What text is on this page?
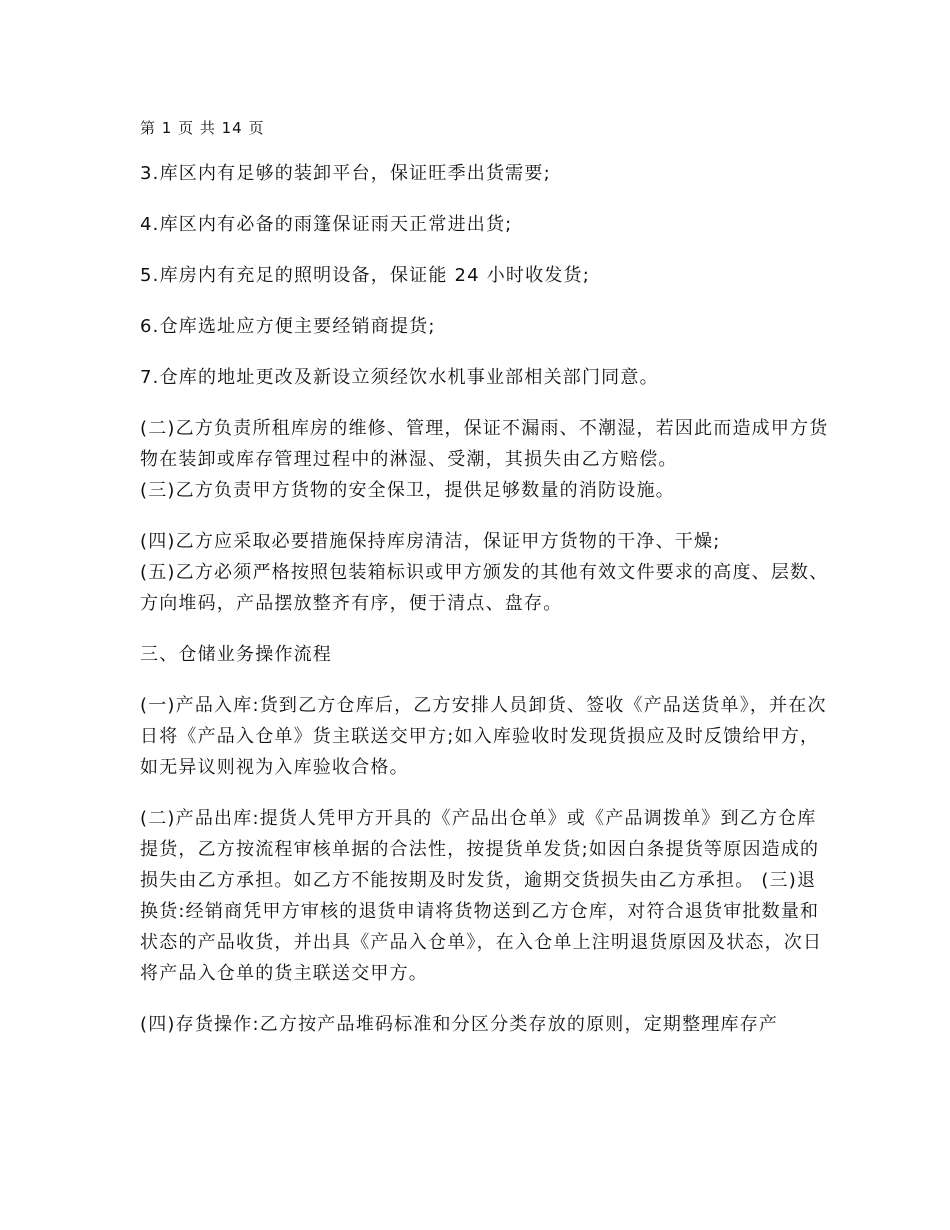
第 1 页 共 14 页

3.库区内有足够的装卸平台，保证旺季出货需要;

4.库区内有必备的雨篷保证雨天正常进出货;

5.库房内有充足的照明设备，保证能 24 小时收发货;

6.仓库选址应方便主要经销商提货;

7.仓库的地址更改及新设立须经饮水机事业部相关部门同意。

(二)乙方负责所租库房的维修、管理，保证不漏雨、不潮湿，若因此而造成甲方货物在装卸或库存管理过程中的淋湿、受潮，其损失由乙方赔偿。

(三)乙方负责甲方货物的安全保卫，提供足够数量的消防设施。

(四)乙方应采取必要措施保持库房清洁，保证甲方货物的干净、干燥;

(五)乙方必须严格按照包装箱标识或甲方颁发的其他有效文件要求的高度、层数、方向堆码，产品摆放整齐有序，便于清点、盘存。

三、仓储业务操作流程

(一)产品入库:货到乙方仓库后，乙方安排人员卸货、签收《产品送货单》，并在次日将《产品入仓单》货主联送交甲方;如入库验收时发现货损应及时反馈给甲方，如无异议则视为入库验收合格。

(二)产品出库:提货人凭甲方开具的《产品出仓单》或《产品调拨单》到乙方仓库提货，乙方按流程审核单据的合法性，按提货单发货;如因白条提货等原因造成的损失由乙方承担。如乙方不能按期及时发货，逾期交货损失由乙方承担。 (三)退换货:经销商凭甲方审核的退货申请将货物送到乙方仓库，对符合退货审批数量和状态的产品收货，并出具《产品入仓单》，在入仓单上注明退货原因及状态，次日将产品入仓单的货主联送交甲方。

(四)存货操作:乙方按产品堆码标准和分区分类存放的原则，定期整理库存产
